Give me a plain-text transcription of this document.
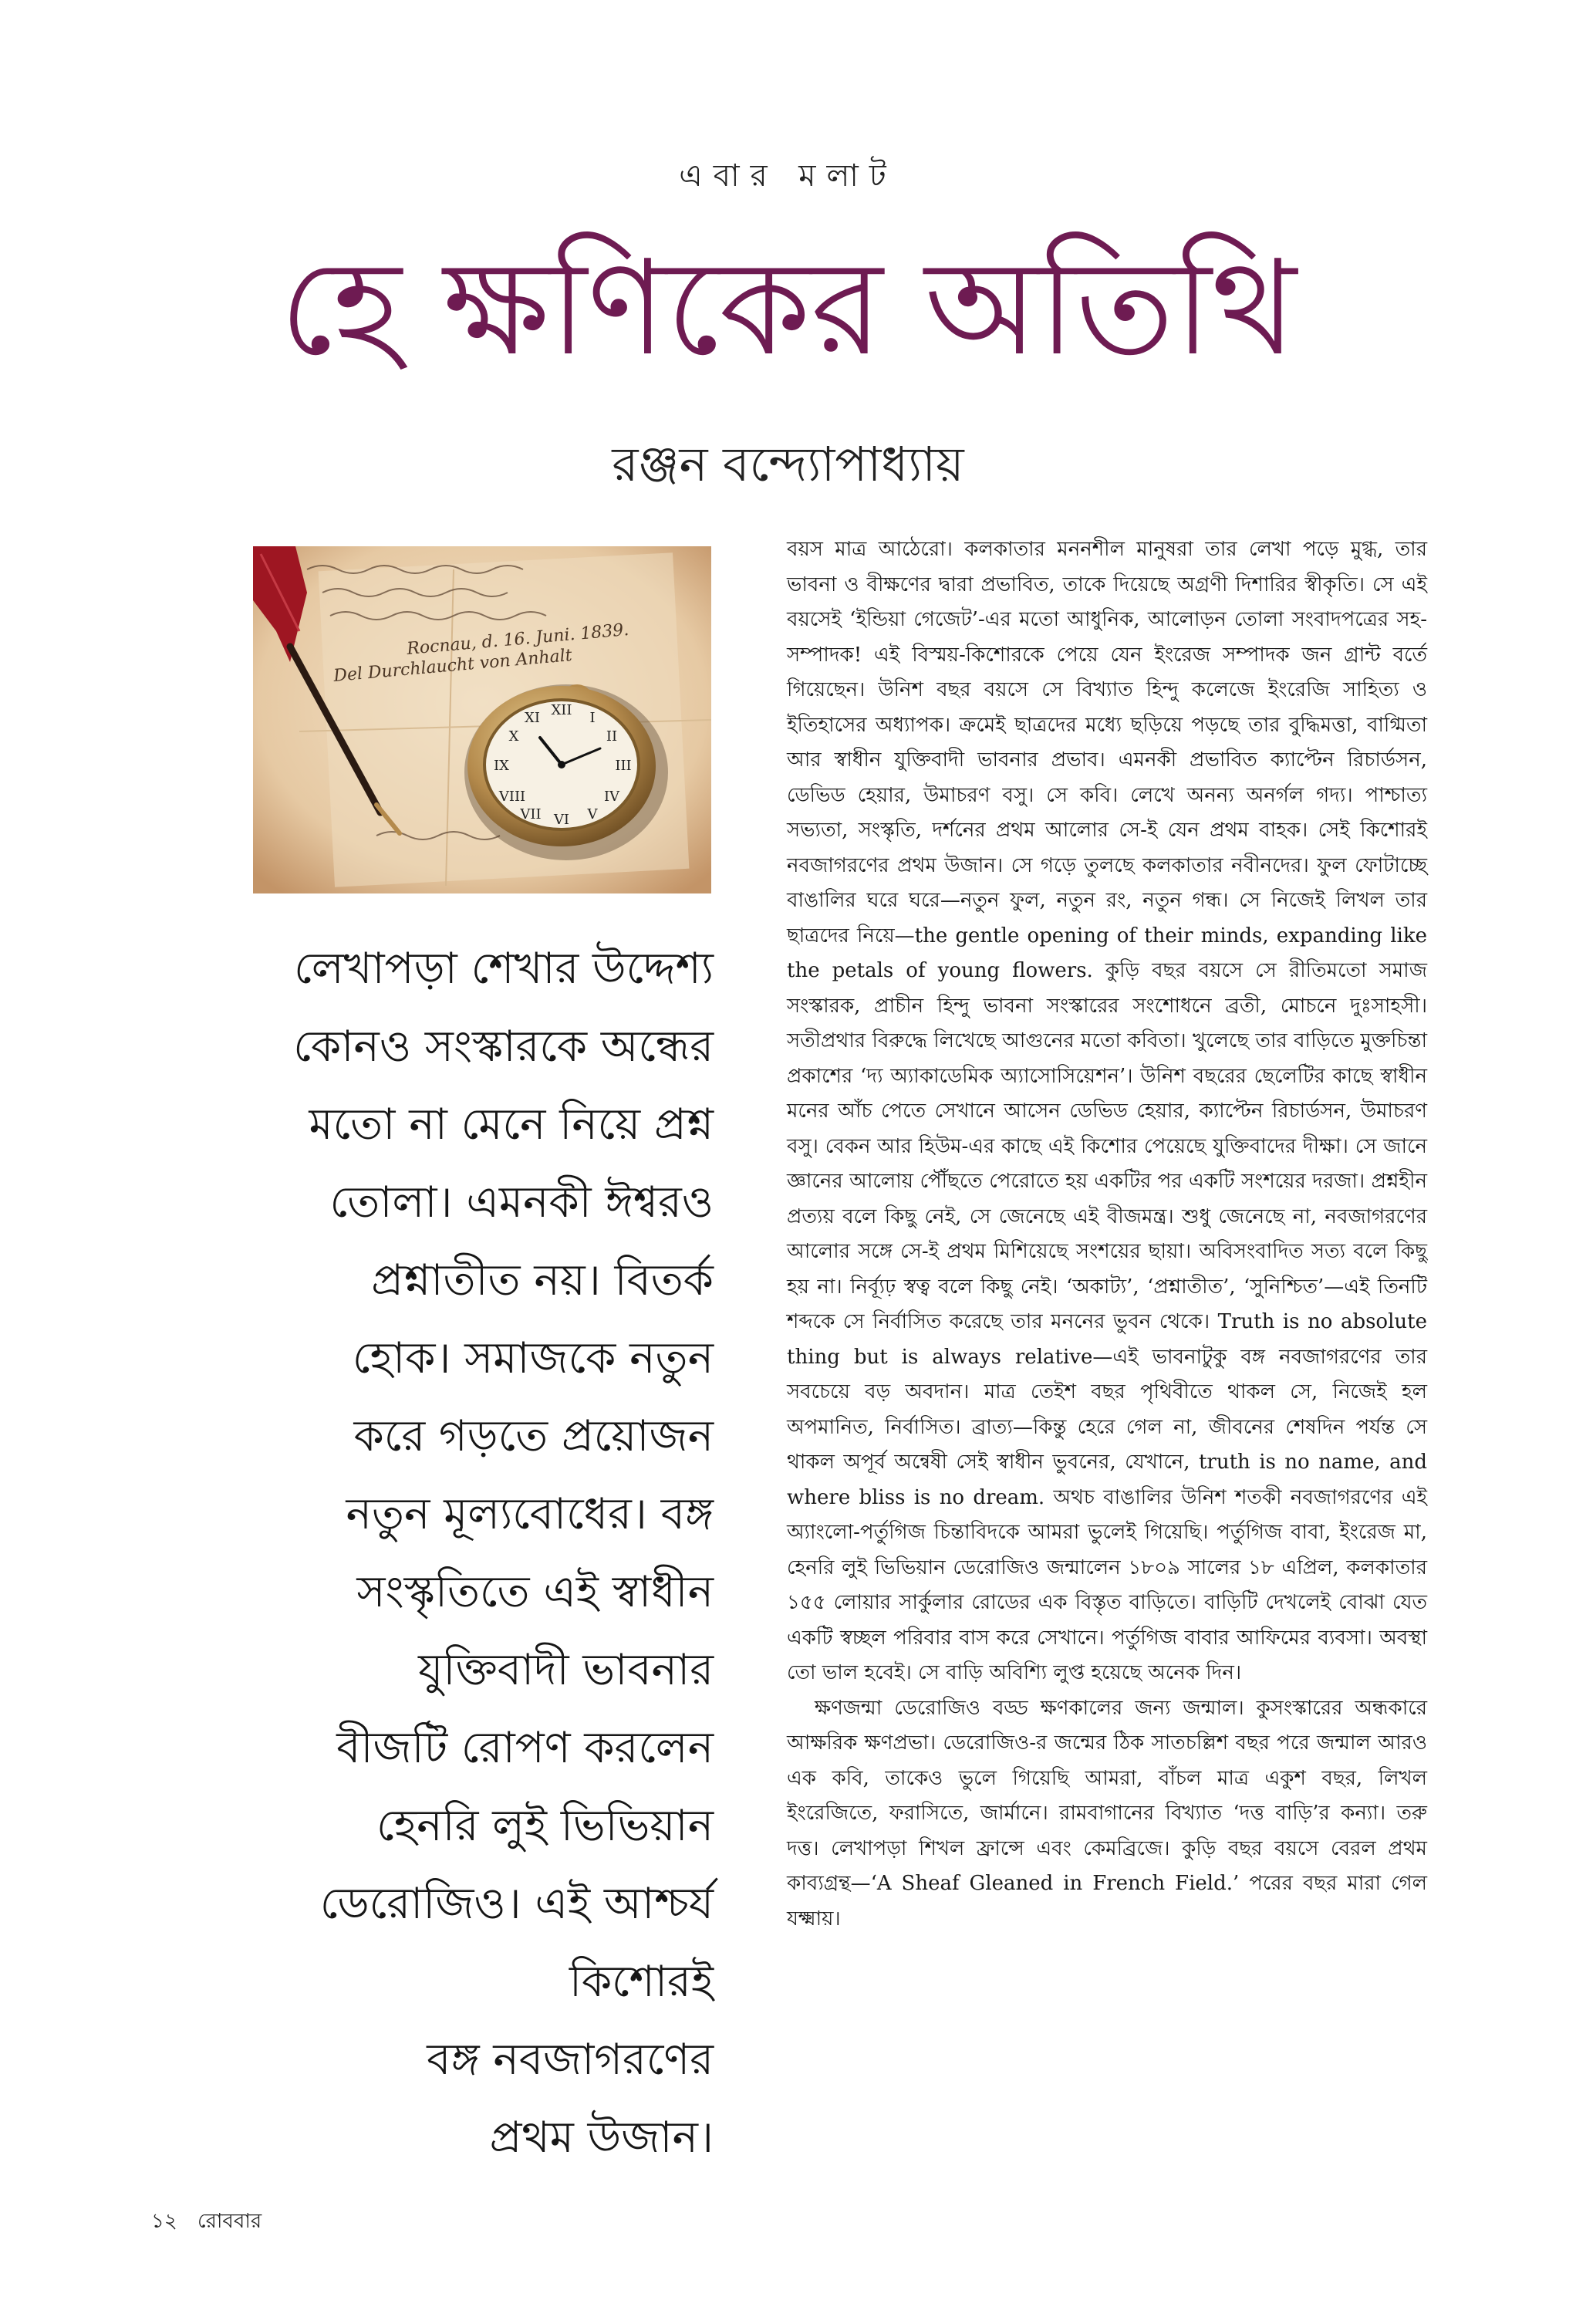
এবার মলাট
হে ক্ষণিকের অতিথি
রঞ্জন বন্দ্যোপাধ্যায়
Rocnau, d. 16. Juni. 1839.
Del Durchlaucht von Anhalt
XII
III
VI
IX
I
II
IV
V
VII
VIII
X
XI

লেখাপড়া শেখার উদ্দেশ্য

কোনও সংস্কারকে অন্ধের

মতো না মেনে নিয়ে প্রশ্ন

তোলা। এমনকী ঈশ্বরও

প্রশ্নাতীত নয়। বিতর্ক

হোক। সমাজকে নতুন

করে গড়তে প্রয়োজন

নতুন মূল্যবোধের। বঙ্গ

সংস্কৃতিতে এই স্বাধীন

যুক্তিবাদী ভাবনার

বীজটি রোপণ করলেন

হেনরি লুই ভিভিয়ান

ডেরোজিও। এই আশ্চর্য

কিশোরই

বঙ্গ নবজাগরণের

প্রথম উজান।

বয়স মাত্র আঠেরো। কলকাতার মননশীল মানুষরা তার লেখা পড়ে মুগ্ধ, তার ভাবনা ও বীক্ষণের দ্বারা প্রভাবিত, তাকে দিয়েছে অগ্রণী দিশারির স্বীকৃতি। সে এই বয়সেই ‘ইন্ডিয়া গেজেট’-এর মতো আধুনিক, আলোড়ন তোলা সংবাদপত্রের সহ-সম্পাদক! এই বিস্ময়-কিশোরকে পেয়ে যেন ইংরেজ সম্পাদক জন গ্রান্ট বর্তে গিয়েছেন। উনিশ বছর বয়সে সে বিখ্যাত হিন্দু কলেজে ইংরেজি সাহিত্য ও ইতিহাসের অধ্যাপক। ক্রমেই ছাত্রদের মধ্যে ছড়িয়ে পড়ছে তার বুদ্ধিমত্তা, বাগ্মিতা আর স্বাধীন যুক্তিবাদী ভাবনার প্রভাব। এমনকী প্রভাবিত ক্যাপ্টেন রিচার্ডসন, ডেভিড হেয়ার, উমাচরণ বসু। সে কবি। লেখে অনন্য অনর্গল গদ্য। পাশ্চাত্য সভ্যতা, সংস্কৃতি, দর্শনের প্রথম আলোর সে-ই যেন প্রথম বাহক। সেই কিশোরই নবজাগরণের প্রথম উজান। সে গড়ে তুলছে কলকাতার নবীনদের। ফুল ফোটাচ্ছে বাঙালির ঘরে ঘরে—নতুন ফুল, নতুন রং, নতুন গন্ধ। সে নিজেই লিখল তার ছাত্রদের নিয়ে—the gentle opening of their minds, expanding like the petals of young flowers. কুড়ি বছর বয়সে সে রীতিমতো সমাজ সংস্কারক, প্রাচীন হিন্দু ভাবনা সংস্কারের সংশোধনে ব্রতী, মোচনে দুঃসাহসী। সতীপ্রথার বিরুদ্ধে লিখেছে আগুনের মতো কবিতা। খুলেছে তার বাড়িতে মুক্তচিন্তা প্রকাশের ‘দ্য অ্যাকাডেমিক অ্যাসোসিয়েশন’। উনিশ বছরের ছেলেটির কাছে স্বাধীন মনের আঁচ পেতে সেখানে আসেন ডেভিড হেয়ার, ক্যাপ্টেন রিচার্ডসন, উমাচরণ বসু। বেকন আর হিউম-এর কাছে এই কিশোর পেয়েছে যুক্তিবাদের দীক্ষা। সে জানে জ্ঞানের আলোয় পৌঁছতে পেরোতে হয় একটির পর একটি সংশয়ের দরজা। প্রশ্নহীন প্রত্যয় বলে কিছু নেই, সে জেনেছে এই বীজমন্ত্র। শুধু জেনেছে না, নবজাগরণের আলোর সঙ্গে সে-ই প্রথম মিশিয়েছে সংশয়ের ছায়া। অবিসংবাদিত সত্য বলে কিছু হয় না। নির্ব্যূঢ় স্বত্ব বলে কিছু নেই। ‘অকাট্য’, ‘প্রশ্নাতীত’, ‘সুনিশ্চিত’—এই তিনটি শব্দকে সে নির্বাসিত করেছে তার মননের ভুবন থেকে। Truth is no absolute thing but is always relative—এই ভাবনাটুকু বঙ্গ নবজাগরণের তার সবচেয়ে বড় অবদান। মাত্র তেইশ বছর পৃথিবীতে থাকল সে, নিজেই হল অপমানিত, নির্বাসিত। ব্রাত্য—কিন্তু হেরে গেল না, জীবনের শেষদিন পর্যন্ত সে থাকল অপূর্ব অন্বেষী সেই স্বাধীন ভুবনের, যেখানে, truth is no name, and where bliss is no dream. অথচ বাঙালির উনিশ শতকী নবজাগরণের এই অ্যাংলো-পর্তুগিজ চিন্তাবিদকে আমরা ভুলেই গিয়েছি। পর্তুগিজ বাবা, ইংরেজ মা, হেনরি লুই ভিভিয়ান ডেরোজিও জন্মালেন ১৮০৯ সালের ১৮ এপ্রিল, কলকাতার ১৫৫ লোয়ার সার্কুলার রোডের এক বিস্তৃত বাড়িতে। বাড়িটি দেখলেই বোঝা যেত একটি স্বচ্ছল পরিবার বাস করে সেখানে। পর্তুগিজ বাবার আফিমের ব্যবসা। অবস্থা তো ভাল হবেই। সে বাড়ি অবিশ্যি লুপ্ত হয়েছে অনেক দিন।

ক্ষণজন্মা ডেরোজিও বড্ড ক্ষণকালের জন্য জন্মাল। কুসংস্কারের অন্ধকারে আক্ষরিক ক্ষণপ্রভা। ডেরোজিও-র জন্মের ঠিক সাতচল্লিশ বছর পরে জন্মাল আরও এক কবি, তাকেও ভুলে গিয়েছি আমরা, বাঁচল মাত্র একুশ বছর, লিখল ইংরেজিতে, ফরাসিতে, জার্মানে। রামবাগানের বিখ্যাত ‘দত্ত বাড়ি’র কন্যা। তরু দত্ত। লেখাপড়া শিখল ফ্রান্সে এবং কেমব্রিজে। কুড়ি বছর বয়সে বেরল প্রথম কাব্যগ্রন্থ—‘A Sheaf Gleaned in French Field.’ পরের বছর মারা গেল যক্ষ্মায়।

১২ রোববার
